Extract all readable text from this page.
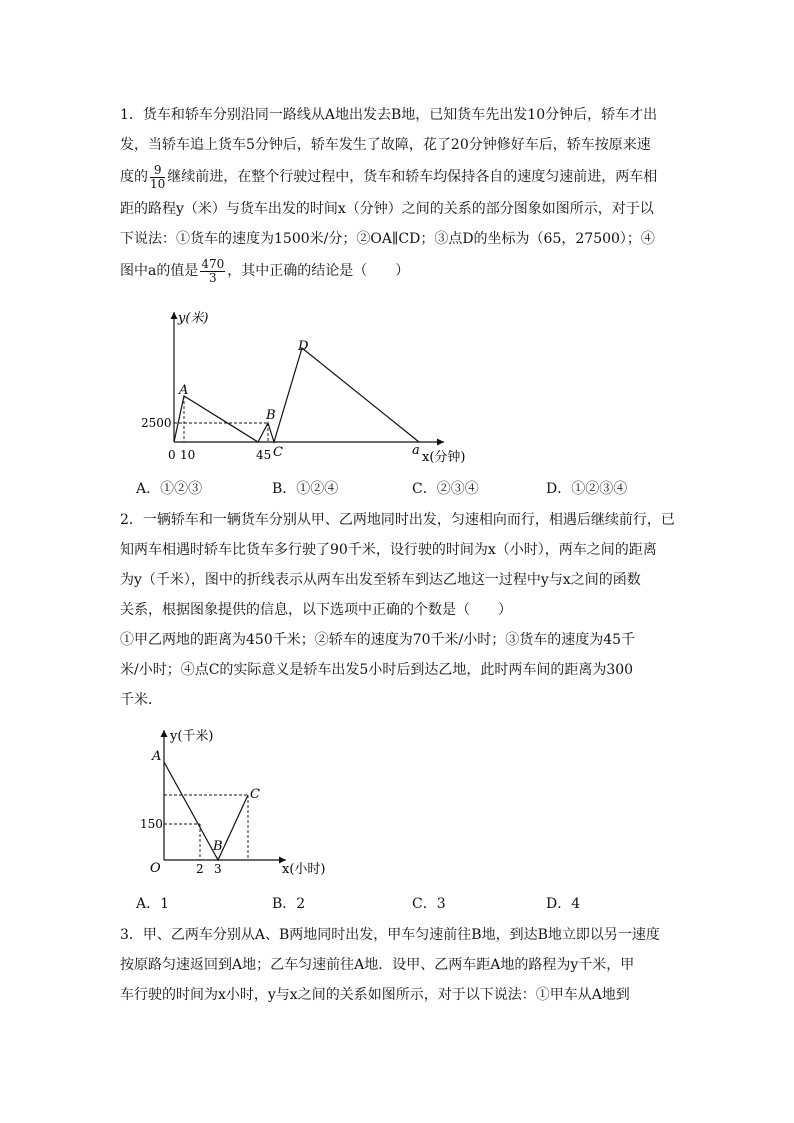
1．货车和轿车分别沿同一路线从A地出发去B地，已知货车先出发10分钟后，轿车才出

发，当轿车追上货车5分钟后，轿车发生了故障，花了20分钟修好车后，轿车按原来速

度的 $\frac{9}{10}$ 继续前进，在整个行驶过程中，货车和轿车均保持各自的速度匀速前进，两车相

距的路程y（米）与货车出发的时间x（分钟）之间的关系的部分图象如图所示，对于以

下说法：①货车的速度为1500米/分；②OA∥CD；③点D的坐标为（65，27500）；④

图中a的值是 $\frac{470}{3}$ ，其中正确的结论是（　　）

y(米)
A
D
B
C
2500
0 10	45	a x(分钟)
A．①②③	B．①②④	C．②③④	D．①②③④

2．一辆轿车和一辆货车分别从甲、乙两地同时出发，匀速相向而行，相遇后继续前行，已

知两车相遇时轿车比货车多行驶了90千米，设行驶的时间为x（小时），两车之间的距离

为y（千米），图中的折线表示从两车出发至轿车到达乙地这一过程中y与x之间的函数

关系，根据图象提供的信息，以下选项中正确的个数是（　　）

①甲乙两地的距离为450千米；②轿车的速度为70千米/小时；③货车的速度为45千

米/小时；④点C的实际意义是轿车出发5小时后到达乙地，此时两车间的距离为300

千米．

y(千米)
A
C
150
B
O	2 3	x(小时)
A．1	B．2	C．3	D．4

3．甲、乙两车分别从A、B两地同时出发，甲车匀速前往B地，到达B地立即以另一速度

按原路匀速返回到A地；乙车匀速前往A地．设甲、乙两车距A地的路程为y千米，甲

车行驶的时间为x小时，y与x之间的关系如图所示，对于以下说法：①甲车从A地到
